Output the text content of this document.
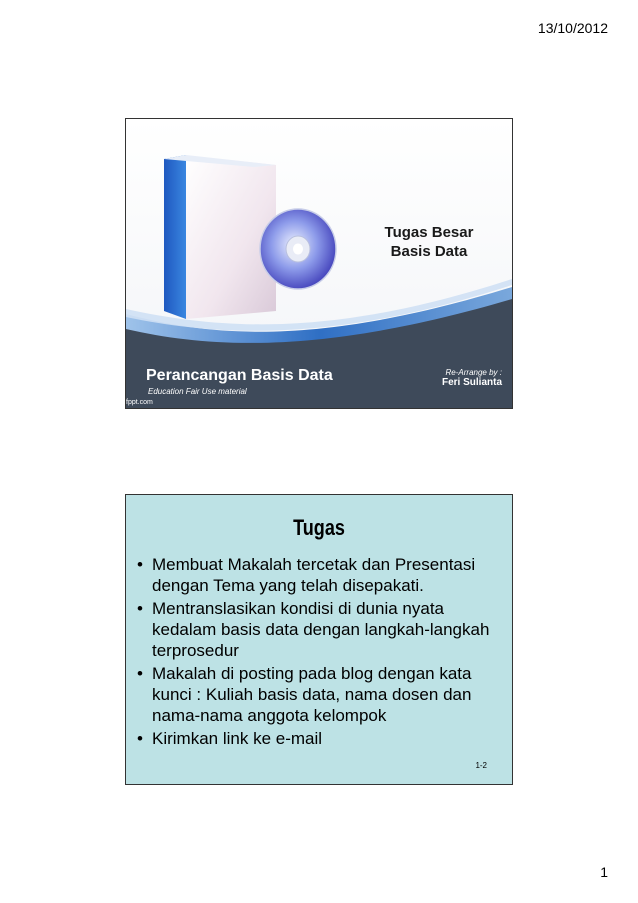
13/10/2012
Tugas Besar
Basis Data
Perancangan Basis Data
Education Fair Use material
Re-Arrange by :
Feri Sulianta
fppt.com
Tugas
• Membuat Makalah tercetak dan Presentasi dengan Tema yang telah disepakati.
• Mentranslasikan kondisi di dunia nyata kedalam basis data dengan langkah-langkah terprosedur
• Makalah di posting pada blog dengan kata kunci : Kuliah basis data, nama dosen dan nama-nama anggota kelompok
• Kirimkan link ke e-mail
1-2
1
